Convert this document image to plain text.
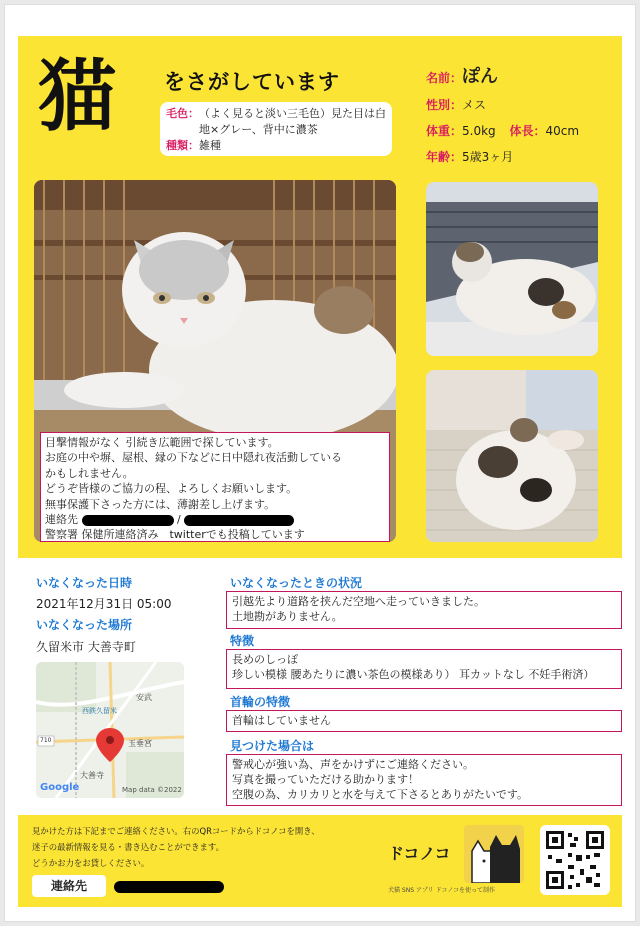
猫 をさがしています
毛色： （よく見ると淡い三毛色）見た目は白地×グレー、背中に濃茶
種類： 雑種
名前：ぽん
性別：メス
体重：5.0kg 体長：40cm
年齢：5歳3ヶ月
目撃情報がなく 引続き広範囲で探しています。
お庭の中や塀、屋根、縁の下などに日中隠れ夜活動している
かもしれません。
どうぞ皆様のご協力の程、よろしくお願いします。
無事保護下さった方には、薄謝差し上げます。
連絡先	/
警察署 保健所連絡済み　twitterでも投稿しています
いなくなった日時
2021年12月31日 05:00
いなくなった場所
久留米市 大善寺町
安武
西鉄久留米
玉垂宮
大善寺
710
Google	Map data ©2022
いなくなったときの状況
引越先より道路を挟んだ空地へ走っていきました。
土地勘がありません。
特徴
長めのしっぽ
珍しい模様 腰あたりに濃い茶色の模様あり） 耳カットなし 不妊手術済）
首輪の特徴
首輪はしていません
見つけた場合は
警戒心が強い為、声をかけずにご連絡ください。
写真を撮っていただける助かります！
空腹の為、カリカリと水を与えて下さるとありがたいです。
見かけた方は下記までご連絡ください。右のQRコードからドコノコを開き、
迷子の最新情報を見る・書き込むことができます。
どうかお力をお貸しください。
連絡先
ドコノコ
犬猫 SNS アプリ ドコノコを使って制作
